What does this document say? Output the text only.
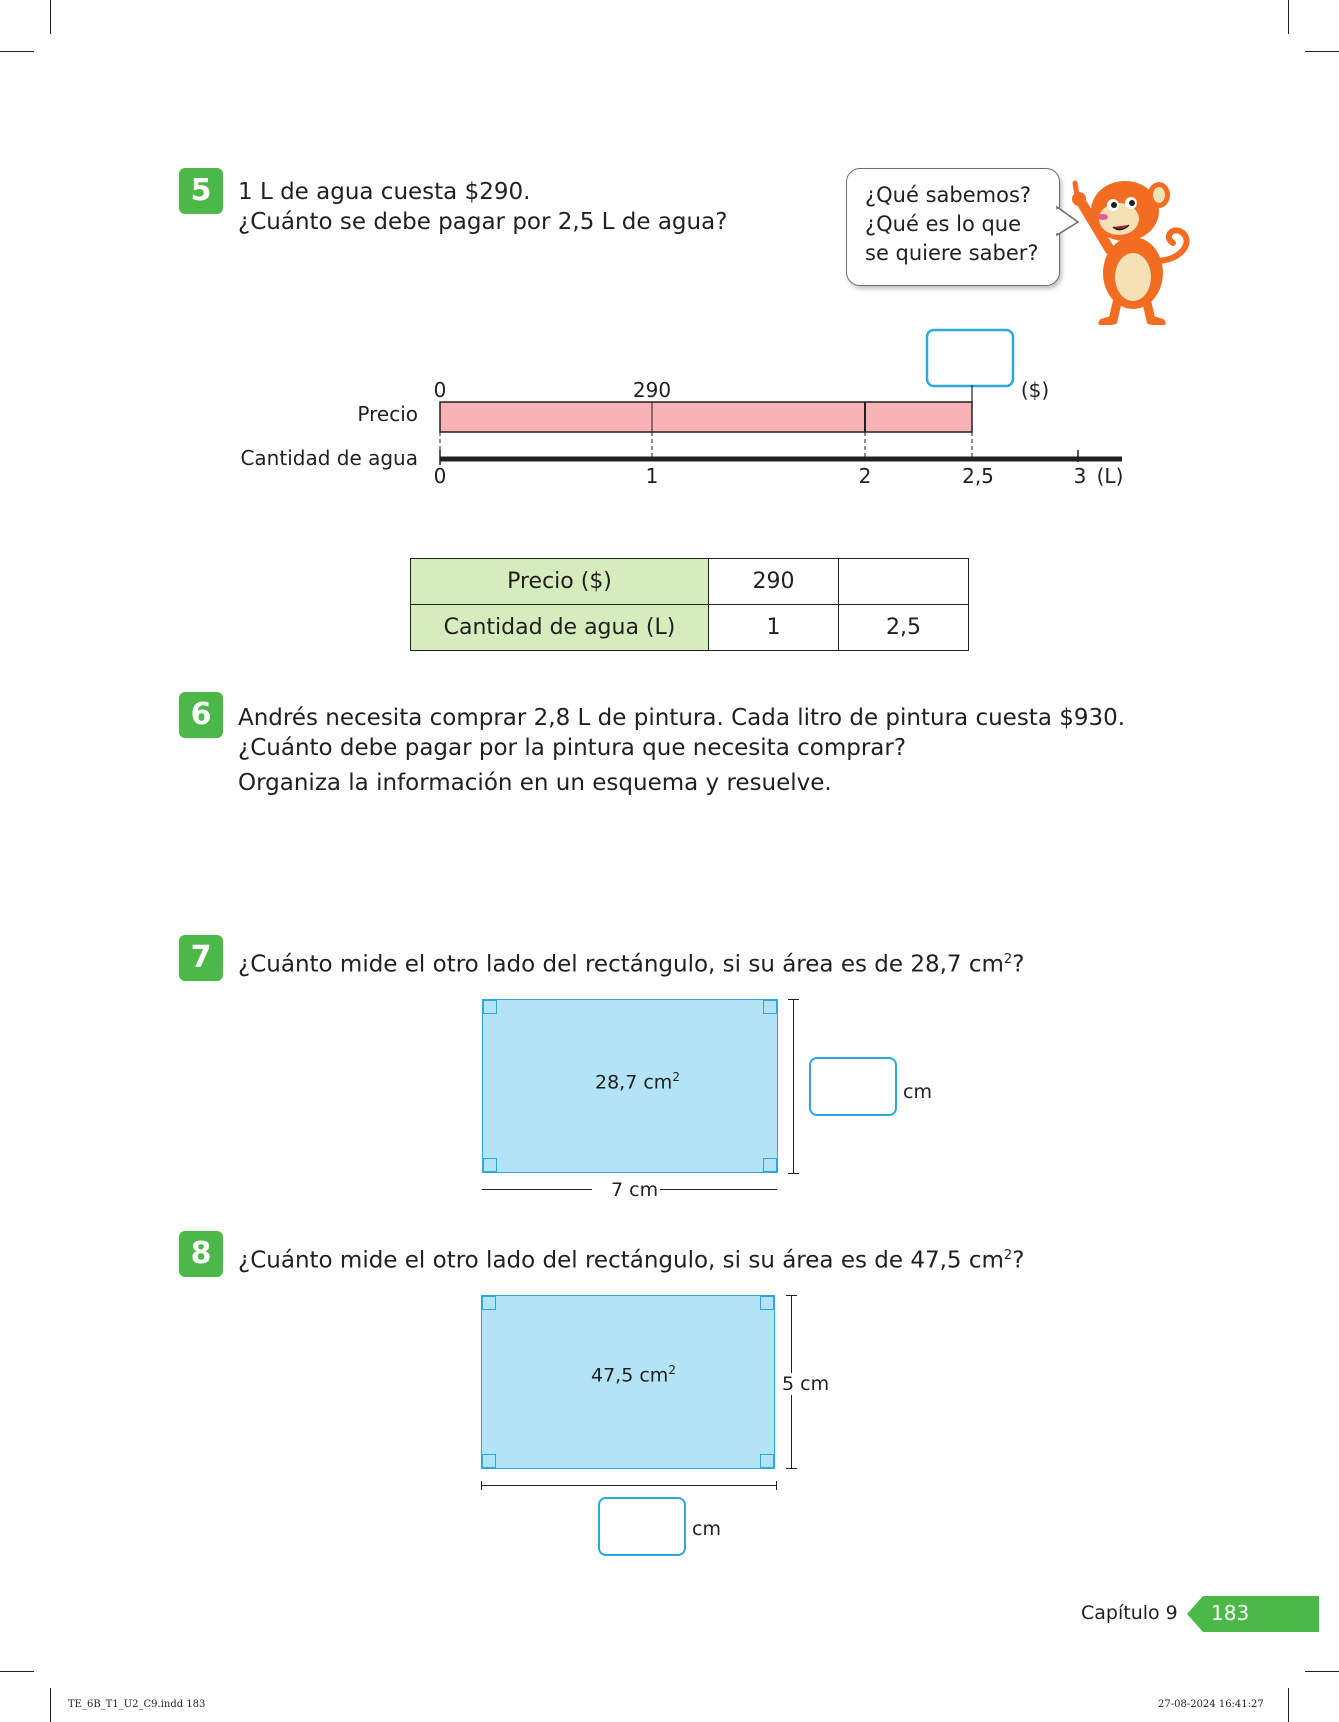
5	1 L de agua cuesta $290.
¿Cuánto se debe pagar por 2,5 L de agua?
¿Qué sabemos?
¿Qué es lo que
se quiere saber?
Precio
Cantidad de agua
0	290	($)
0	1	2	2,5	3 (L)
Precio ($)	290	
Cantidad de agua (L)	1	2,5
6	Andrés necesita comprar 2,8 L de pintura. Cada litro de pintura cuesta $930.
¿Cuánto debe pagar por la pintura que necesita comprar?
Organiza la información en un esquema y resuelve.
7	¿Cuánto mide el otro lado del rectángulo, si su área es de 28,7 $cm^2$?
28,7 $cm^2$
cm
7 cm
8	¿Cuánto mide el otro lado del rectángulo, si su área es de 47,5 $cm^2$?
47,5 $cm^2$
5 cm
cm
Capítulo 9 183
TE_6B_T1_U2_C9.indd 183	27-08-2024 16:41:27
